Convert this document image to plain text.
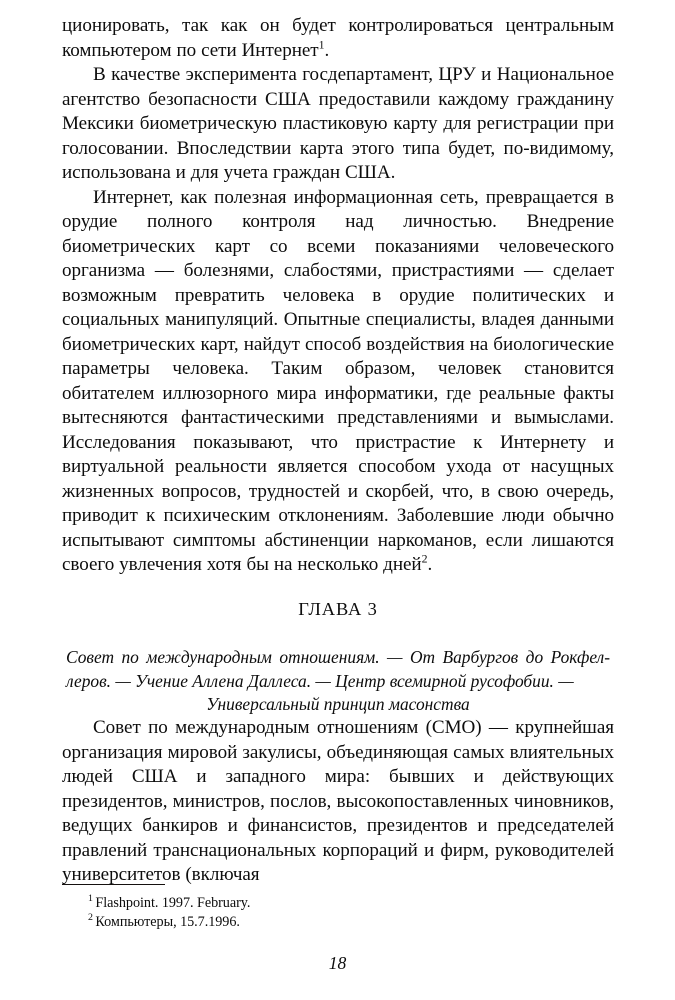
ционировать, так как он будет контролироваться центральным компьютером по сети Интернет$^1$.

В качестве эксперимента госдепартамент, ЦРУ и Национальное агентство безопасности США предоставили каждому гражданину Мексики биометрическую пластиковую карту для регистрации при голосовании. Впоследствии карта этого типа будет, по-видимому, использована и для учета граждан США.

Интернет, как полезная информационная сеть, превращается в орудие полного контроля над личностью. Внедрение биометрических карт со всеми показаниями человеческого организма — болезнями, слабостями, пристрастиями — сделает возможным превратить человека в орудие политических и социальных манипуляций. Опытные специалисты, владея данными биометрических карт, найдут способ воздействия на биологические параметры человека. Таким образом, человек становится обитателем иллюзорного мира информатики, где реальные факты вытесняются фантастическими представлениями и вымыслами. Исследования показывают, что пристрастие к Интернету и виртуальной реальности является способом ухода от насущных жизненных вопросов, трудностей и скорбей, что, в свою очередь, приводит к психическим отклонениям. Заболевшие люди обычно испытывают симптомы абстиненции наркоманов, если лишаются своего увлечения хотя бы на несколько дней$^2$.

ГЛАВА 3
Совет по международным отношениям. — От Варбургов до Рокфеллеров. — Учение Аллена Даллеса. — Центр всемирной русофобии. —
Универсальный принцип масонства

Совет по международным отношениям (СМО) — крупнейшая организация мировой закулисы, объединяющая самых влиятельных людей США и западного мира: бывших и действующих президентов, министров, послов, высокопоставленных чиновников, ведущих банкиров и финансистов, президентов и председателей правлений транснациональных корпораций и фирм, руководителей университетов (включая

$^1$ Flashpoint. 1997. February.
$^2$ Компьютеры, 15.7.1996.
18
